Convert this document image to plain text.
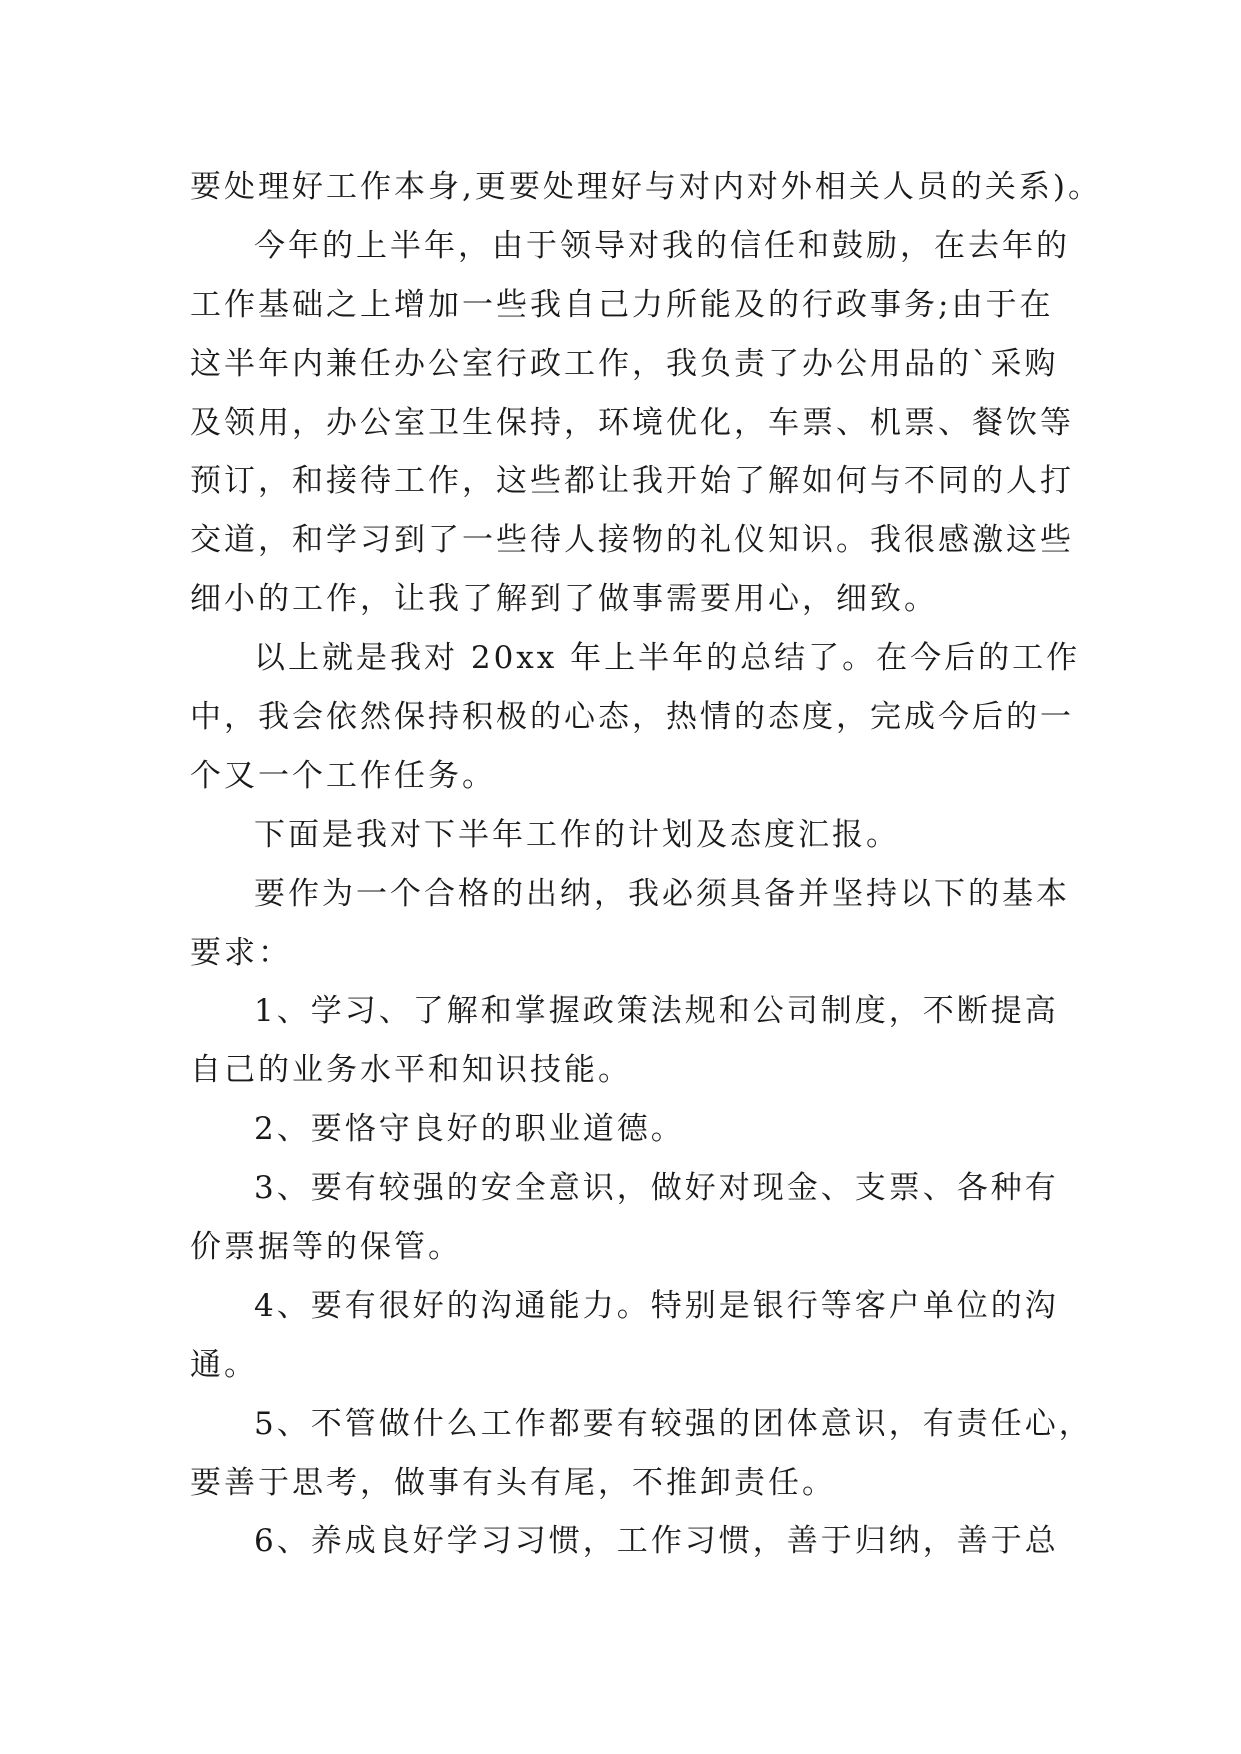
要处理好工作本身,更要处理好与对内对外相关人员的关系)。

今年的上半年，由于领导对我的信任和鼓励，在去年的

工作基础之上增加一些我自己力所能及的行政事务;由于在

这半年内兼任办公室行政工作，我负责了办公用品的`采购

及领用，办公室卫生保持，环境优化，车票、机票、餐饮等

预订，和接待工作，这些都让我开始了解如何与不同的人打

交道，和学习到了一些待人接物的礼仪知识。我很感激这些

细小的工作，让我了解到了做事需要用心，细致。

以上就是我对 20xx 年上半年的总结了。在今后的工作

中，我会依然保持积极的心态，热情的态度，完成今后的一

个又一个工作任务。

下面是我对下半年工作的计划及态度汇报。

要作为一个合格的出纳，我必须具备并坚持以下的基本

要求：

1、学习、了解和掌握政策法规和公司制度，不断提高

自己的业务水平和知识技能。

2、要恪守良好的职业道德。

3、要有较强的安全意识，做好对现金、支票、各种有

价票据等的保管。

4、要有很好的沟通能力。特别是银行等客户单位的沟

通。

5、不管做什么工作都要有较强的团体意识，有责任心，

要善于思考，做事有头有尾，不推卸责任。

6、养成良好学习习惯，工作习惯，善于归纳，善于总
